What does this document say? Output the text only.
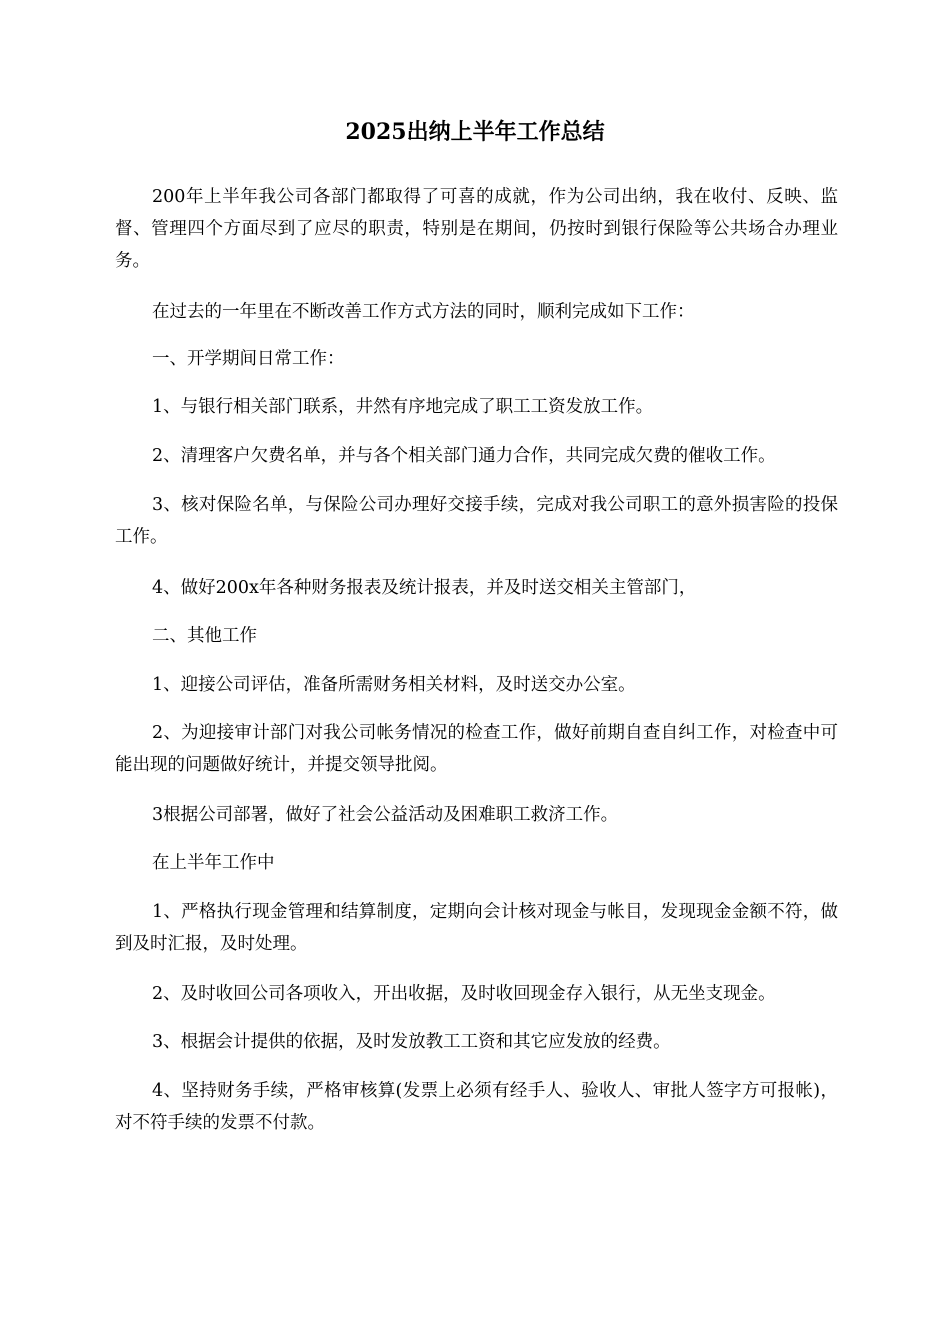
2025出纳上半年工作总结

200年上半年我公司各部门都取得了可喜的成就，作为公司出纳，我在收付、反映、监督、管理四个方面尽到了应尽的职责，特别是在期间，仍按时到银行保险等公共场合办理业务。

在过去的一年里在不断改善工作方式方法的同时，顺利完成如下工作：

一、开学期间日常工作：

1、与银行相关部门联系，井然有序地完成了职工工资发放工作。

2、清理客户欠费名单，并与各个相关部门通力合作，共同完成欠费的催收工作。

3、核对保险名单，与保险公司办理好交接手续，完成对我公司职工的意外损害险的投保工作。

4、做好200x年各种财务报表及统计报表，并及时送交相关主管部门，

二、其他工作

1、迎接公司评估，准备所需财务相关材料，及时送交办公室。

2、为迎接审计部门对我公司帐务情况的检查工作，做好前期自查自纠工作，对检查中可能出现的问题做好统计，并提交领导批阅。

3根据公司部署，做好了社会公益活动及困难职工救济工作。

在上半年工作中

1、严格执行现金管理和结算制度，定期向会计核对现金与帐目，发现现金金额不符，做到及时汇报，及时处理。

2、及时收回公司各项收入，开出收据，及时收回现金存入银行，从无坐支现金。

3、根据会计提供的依据，及时发放教工工资和其它应发放的经费。

4、坚持财务手续，严格审核算(发票上必须有经手人、验收人、审批人签字方可报帐)，对不符手续的发票不付款。
